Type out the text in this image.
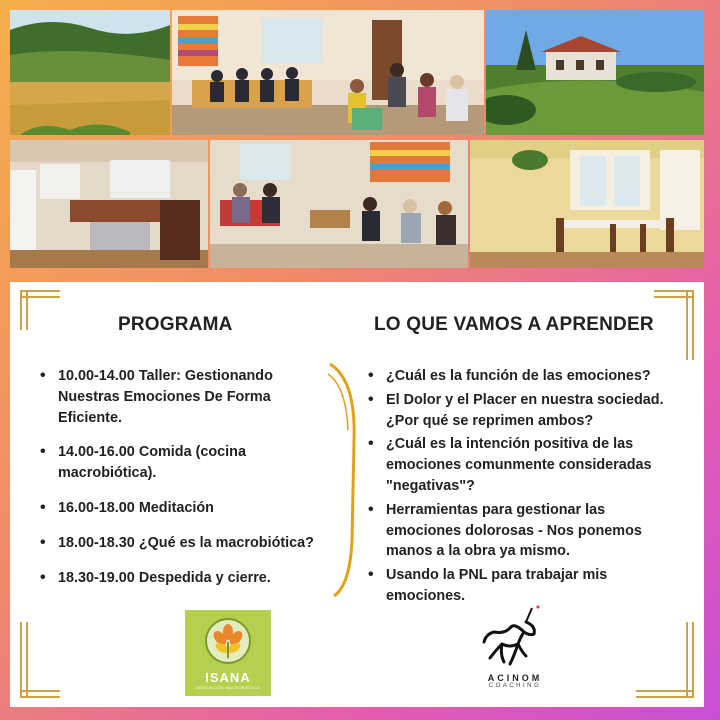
PROGRAMA
• 10.00-14.00 Taller: Gestionando Nuestras Emociones De Forma Eficiente.
• 14.00-16.00 Comida (cocina macrobiótica).
• 16.00-18.00 Meditación
• 18.00-18.30 ¿Qué es la macrobiótica?
• 18.30-19.00 Despedida y cierre.
LO QUE VAMOS A APRENDER
• ¿Cuál es la función de las emociones?
• El Dolor y el Placer en nuestra sociedad. ¿Por qué se reprimen ambos?
• ¿Cuál es la intención positiva de las emociones comunmente consideradas "negativas"?
• Herramientas para gestionar las emociones dolorosas - Nos ponemos manos a la obra ya mismo.
• Usando la PNL para trabajar mis emociones.
ISANA
ASOCIACIÓN MACROBIÓTICA
ACINOM
COACHING
